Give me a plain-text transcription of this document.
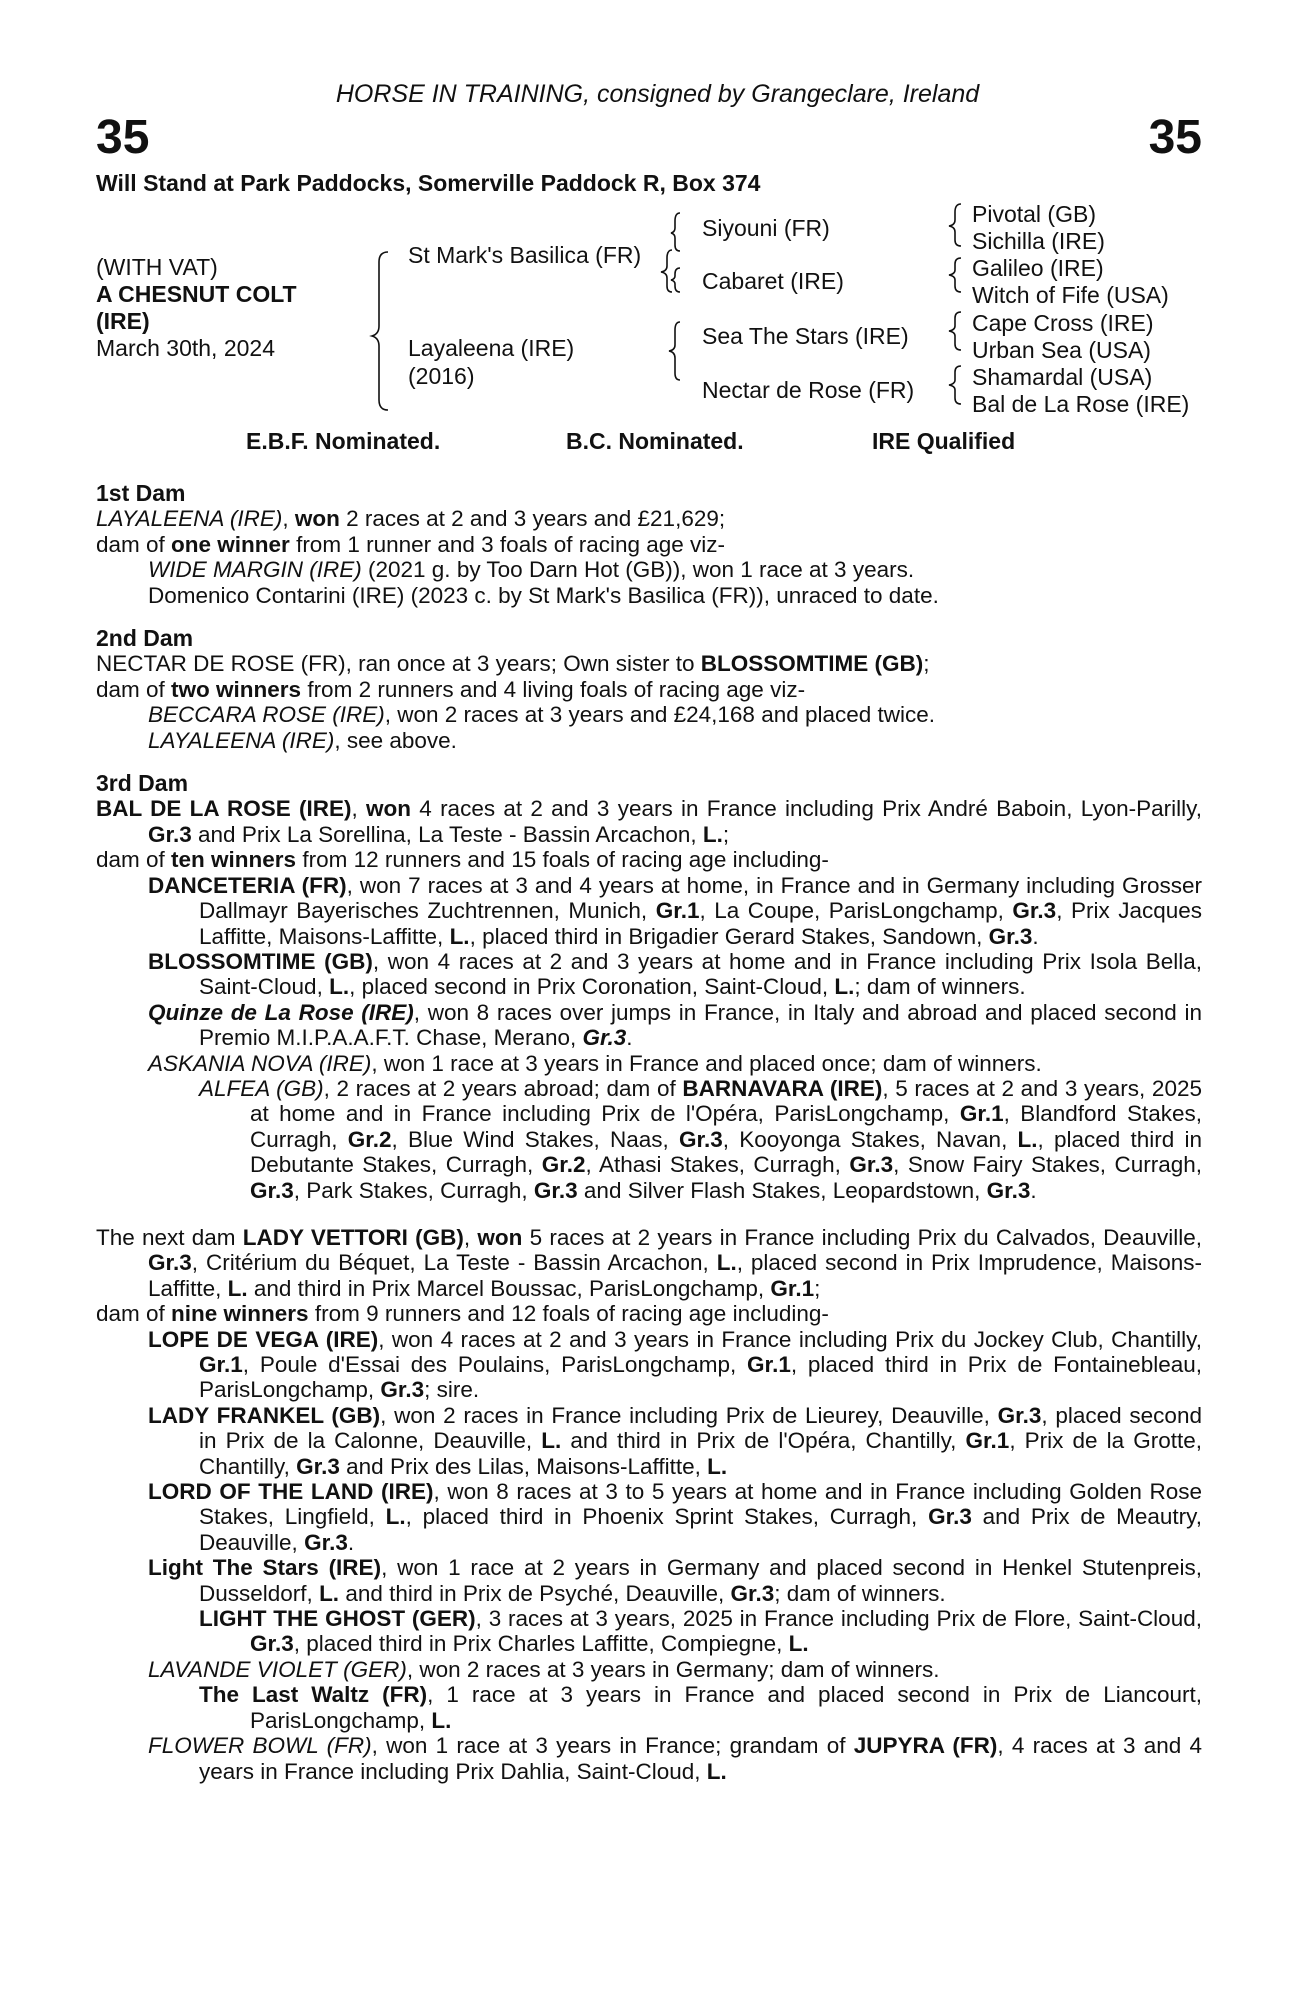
HORSE IN TRAINING, consigned by Grangeclare, Ireland
35	35
Will Stand at Park Paddocks, Somerville Paddock R, Box 374
(WITH VAT)
A CHESNUT COLT
(IRE)
March 30th, 2024
St Mark's Basilica (FR)
Layaleena (IRE)
(2016)
Siyouni (FR)
Cabaret (IRE)
Sea The Stars (IRE)
Nectar de Rose (FR)
Pivotal (GB)
Sichilla (IRE)
Galileo (IRE)
Witch of Fife (USA)
Cape Cross (IRE)
Urban Sea (USA)
Shamardal (USA)
Bal de La Rose (IRE)
E.B.F. Nominated.	B.C. Nominated.	IRE Qualified
1st Dam

LAYALEENA (IRE), won 2 races at 2 and 3 years and £21,629;

dam of one winner from 1 runner and 3 foals of racing age viz-

WIDE MARGIN (IRE) (2021 g. by Too Darn Hot (GB)), won 1 race at 3 years.

Domenico Contarini (IRE) (2023 c. by St Mark's Basilica (FR)), unraced to date.

2nd Dam

NECTAR DE ROSE (FR), ran once at 3 years; Own sister to BLOSSOMTIME (GB);

dam of two winners from 2 runners and 4 living foals of racing age viz-

BECCARA ROSE (IRE), won 2 races at 3 years and £24,168 and placed twice.

LAYALEENA (IRE), see above.

3rd Dam

BAL DE LA ROSE (IRE), won 4 races at 2 and 3 years in France including Prix André Baboin, Lyon-Parilly, Gr.3 and Prix La Sorellina, La Teste - Bassin Arcachon, L.;

dam of ten winners from 12 runners and 15 foals of racing age including-

DANCETERIA (FR), won 7 races at 3 and 4 years at home, in France and in Germany including Grosser Dallmayr Bayerisches Zuchtrennen, Munich, Gr.1, La Coupe, ParisLongchamp, Gr.3, Prix Jacques Laffitte, Maisons-Laffitte, L., placed third in Brigadier Gerard Stakes, Sandown, Gr.3.

BLOSSOMTIME (GB), won 4 races at 2 and 3 years at home and in France including Prix Isola Bella, Saint-Cloud, L., placed second in Prix Coronation, Saint-Cloud, L.; dam of winners.

Quinze de La Rose (IRE), won 8 races over jumps in France, in Italy and abroad and placed second in Premio M.I.P.A.A.F.T. Chase, Merano, Gr.3.

ASKANIA NOVA (IRE), won 1 race at 3 years in France and placed once; dam of winners.

ALFEA (GB), 2 races at 2 years abroad; dam of BARNAVARA (IRE), 5 races at 2 and 3 years, 2025 at home and in France including Prix de l'Opéra, ParisLongchamp, Gr.1, Blandford Stakes, Curragh, Gr.2, Blue Wind Stakes, Naas, Gr.3, Kooyonga Stakes, Navan, L., placed third in Debutante Stakes, Curragh, Gr.2, Athasi Stakes, Curragh, Gr.3, Snow Fairy Stakes, Curragh, Gr.3, Park Stakes, Curragh, Gr.3 and Silver Flash Stakes, Leopardstown, Gr.3.

The next dam LADY VETTORI (GB), won 5 races at 2 years in France including Prix du Calvados, Deauville, Gr.3, Critérium du Béquet, La Teste - Bassin Arcachon, L., placed second in Prix Imprudence, Maisons-Laffitte, L. and third in Prix Marcel Boussac, ParisLongchamp, Gr.1;

dam of nine winners from 9 runners and 12 foals of racing age including-

LOPE DE VEGA (IRE), won 4 races at 2 and 3 years in France including Prix du Jockey Club, Chantilly, Gr.1, Poule d'Essai des Poulains, ParisLongchamp, Gr.1, placed third in Prix de Fontainebleau, ParisLongchamp, Gr.3; sire.

LADY FRANKEL (GB), won 2 races in France including Prix de Lieurey, Deauville, Gr.3, placed second in Prix de la Calonne, Deauville, L. and third in Prix de l'Opéra, Chantilly, Gr.1, Prix de la Grotte, Chantilly, Gr.3 and Prix des Lilas, Maisons-Laffitte, L.

LORD OF THE LAND (IRE), won 8 races at 3 to 5 years at home and in France including Golden Rose Stakes, Lingfield, L., placed third in Phoenix Sprint Stakes, Curragh, Gr.3 and Prix de Meautry, Deauville, Gr.3.

Light The Stars (IRE), won 1 race at 2 years in Germany and placed second in Henkel Stutenpreis, Dusseldorf, L. and third in Prix de Psyché, Deauville, Gr.3; dam of winners.

LIGHT THE GHOST (GER), 3 races at 3 years, 2025 in France including Prix de Flore, Saint-Cloud, Gr.3, placed third in Prix Charles Laffitte, Compiegne, L.

LAVANDE VIOLET (GER), won 2 races at 3 years in Germany; dam of winners.

The Last Waltz (FR), 1 race at 3 years in France and placed second in Prix de Liancourt, ParisLongchamp, L.

FLOWER BOWL (FR), won 1 race at 3 years in France; grandam of JUPYRA (FR), 4 races at 3 and 4 years in France including Prix Dahlia, Saint-Cloud, L.
